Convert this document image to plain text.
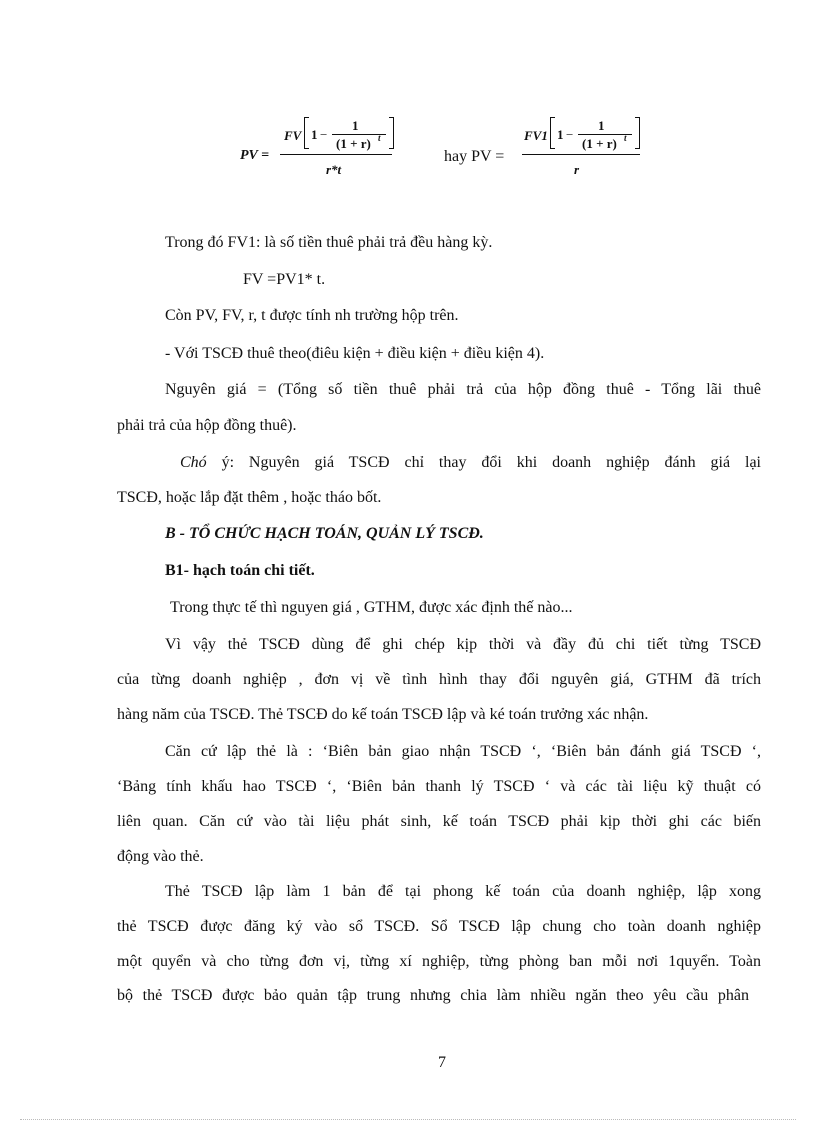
PV =
FV 1 −
1
(1 + r) t
r*t
hay PV =
FV1 1 −
1
(1 + r) t
r
Trong đó FV1: là số tiền thuê phải trả đều hàng kỳ.
FV =PV1* t.
Còn PV, FV, r, t được tính nh trường hộp trên.
- Với TSCĐ thuê theo(điêu kiện + điều kiện + điều kiện 4).
Nguyên giá = (Tổng số tiền thuê phải trả của hộp đồng thuê - Tổng lãi thuê
phải trả của hộp đồng thuê).
Chó ý: Nguyên giá TSCĐ chỉ thay đổi khi doanh nghiệp đánh giá lại
TSCĐ, hoặc lắp đặt thêm , hoặc tháo bốt.
B - TỔ CHỨC HẠCH TOÁN, QUẢN LÝ TSCĐ.
B1- hạch toán chi tiết.
Trong thực tế thì nguyen giá , GTHM, được xác định thế nào...
Vì vậy thẻ TSCĐ dùng để ghi chép kịp thời và đầy đủ chi tiết từng TSCĐ
của từng doanh nghiệp , đơn vị về tình hình thay đổi nguyên giá, GTHM đã trích
hàng năm của TSCĐ. Thẻ TSCĐ do kế toán TSCĐ lập và ké toán trưởng xác nhận.
Căn cứ lập thẻ là : ‘Biên bản giao nhận TSCĐ ‘, ‘Biên bản đánh giá TSCĐ ‘,
‘Bảng tính khấu hao TSCĐ ‘, ‘Biên bản thanh lý TSCĐ ‘ và các tài liệu kỹ thuật có
liên quan. Căn cứ vào tài liệu phát sinh, kế toán TSCĐ phải kịp thời ghi các biến
động vào thẻ.
Thẻ TSCĐ lập làm 1 bản để tại phong kế toán của doanh nghiệp, lập xong
thẻ TSCĐ được đăng ký vào sổ TSCĐ. Sổ TSCĐ lập chung cho toàn doanh nghiệp
một quyển và cho từng đơn vị, từng xí nghiệp, từng phòng ban mỗi nơi 1quyển. Toàn
bộ thẻ TSCĐ được bảo quản tập trung nhưng chia làm nhiều ngăn theo yêu cầu phân
7
